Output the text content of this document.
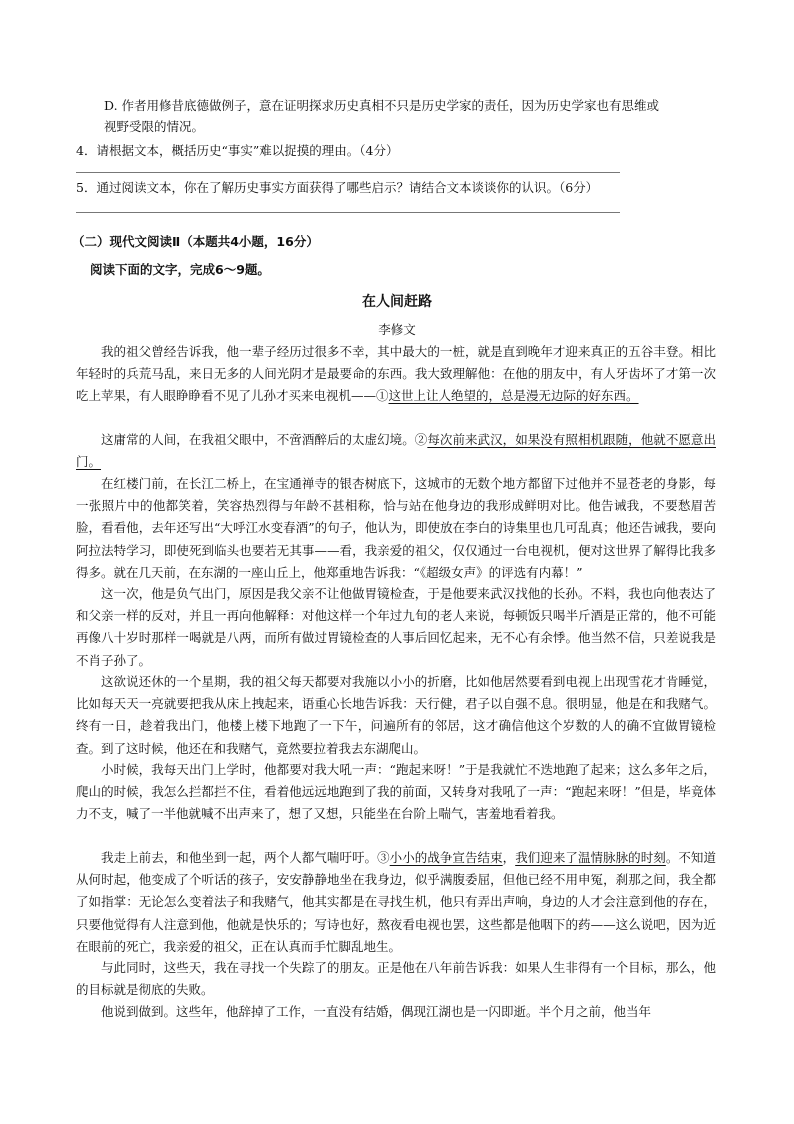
D. 作者用修昔底德做例子，意在证明探求历史真相不只是历史学家的责任，因为历史学家也有思维或
视野受限的情况。
4．请根据文本，概括历史“事实”难以捉摸的理由。（4分）
5．通过阅读文本，你在了解历史事实方面获得了哪些启示？请结合文本谈谈你的认识。（6分）
（二）现代文阅读Ⅱ（本题共4小题，16分）
阅读下面的文字，完成6～9题。
在人间赶路
李修文
我的祖父曾经告诉我，他一辈子经历过很多不幸，其中最大的一桩，就是直到晚年才迎来真正的五谷丰登。相比年轻时的兵荒马乱，来日无多的人间光阴才是最要命的东西。我大致理解他：在他的朋友中，有人牙齿坏了才第一次吃上苹果，有人眼睁睁看不见了儿孙才买来电视机——①这世上让人绝望的，总是漫无边际的好东西。
这庸常的人间，在我祖父眼中，不啻酒醉后的太虚幻境。②每次前来武汉，如果没有照相机跟随，他就不愿意出门。
在红楼门前，在长江二桥上，在宝通禅寺的银杏树底下，这城市的无数个地方都留下过他并不显苍老的身影，每一张照片中的他都笑着，笑容热烈得与年龄不甚相称，恰与站在他身边的我形成鲜明对比。他告诫我，不要愁眉苦脸，看看他，去年还写出“大呼江水变春酒”的句子，他认为，即使放在李白的诗集里也几可乱真；他还告诫我，要向阿拉法特学习，即使死到临头也要若无其事——看，我亲爱的祖父，仅仅通过一台电视机，便对这世界了解得比我多得多。就在几天前，在东湖的一座山丘上，他郑重地告诉我：“《超级女声》的评选有内幕！”
这一次，他是负气出门，原因是我父亲不让他做胃镜检查，于是他要来武汉找他的长孙。不料，我也向他表达了和父亲一样的反对，并且一再向他解释：对他这样一个年过九旬的老人来说，每顿饭只喝半斤酒是正常的，他不可能再像八十岁时那样一喝就是八两，而所有做过胃镜检查的人事后回忆起来，无不心有余悸。他当然不信，只差说我是不肖子孙了。
这欲说还休的一个星期，我的祖父每天都要对我施以小小的折磨，比如他居然要看到电视上出现雪花才肯睡觉，比如每天天一亮就要把我从床上拽起来，语重心长地告诉我：天行健，君子以自强不息。很明显，他是在和我赌气。终有一日，趁着我出门，他楼上楼下地跑了一下午，问遍所有的邻居，这才确信他这个岁数的人的确不宜做胃镜检查。到了这时候，他还在和我赌气，竟然要拉着我去东湖爬山。
小时候，我每天出门上学时，他都要对我大吼一声：“跑起来呀！”于是我就忙不迭地跑了起来；这么多年之后，爬山的时候，我怎么拦都拦不住，看着他远远地跑到了我的前面，又转身对我吼了一声：“跑起来呀！”但是，毕竟体力不支，喊了一半他就喊不出声来了，想了又想，只能坐在台阶上喘气，害羞地看着我。
我走上前去，和他坐到一起，两个人都气喘吁吁。③小小的战争宣告结束，我们迎来了温情脉脉的时刻。不知道从何时起，他变成了个听话的孩子，安安静静地坐在我身边，似乎满腹委屈，但他已经不用申冤，刹那之间，我全都了如指掌：无论怎么变着法子和我赌气，他其实都是在寻找生机，他只有弄出声响，身边的人才会注意到他的存在，只要他觉得有人注意到他，他就是快乐的；写诗也好，熬夜看电视也罢，这些都是他咽下的药——这么说吧，因为近在眼前的死亡，我亲爱的祖父，正在认真而手忙脚乱地生。
与此同时，这些天，我在寻找一个失踪了的朋友。正是他在八年前告诉我：如果人生非得有一个目标，那么，他的目标就是彻底的失败。
他说到做到。这些年，他辞掉了工作，一直没有结婚，偶现江湖也是一闪即逝。半个月之前，他当年
